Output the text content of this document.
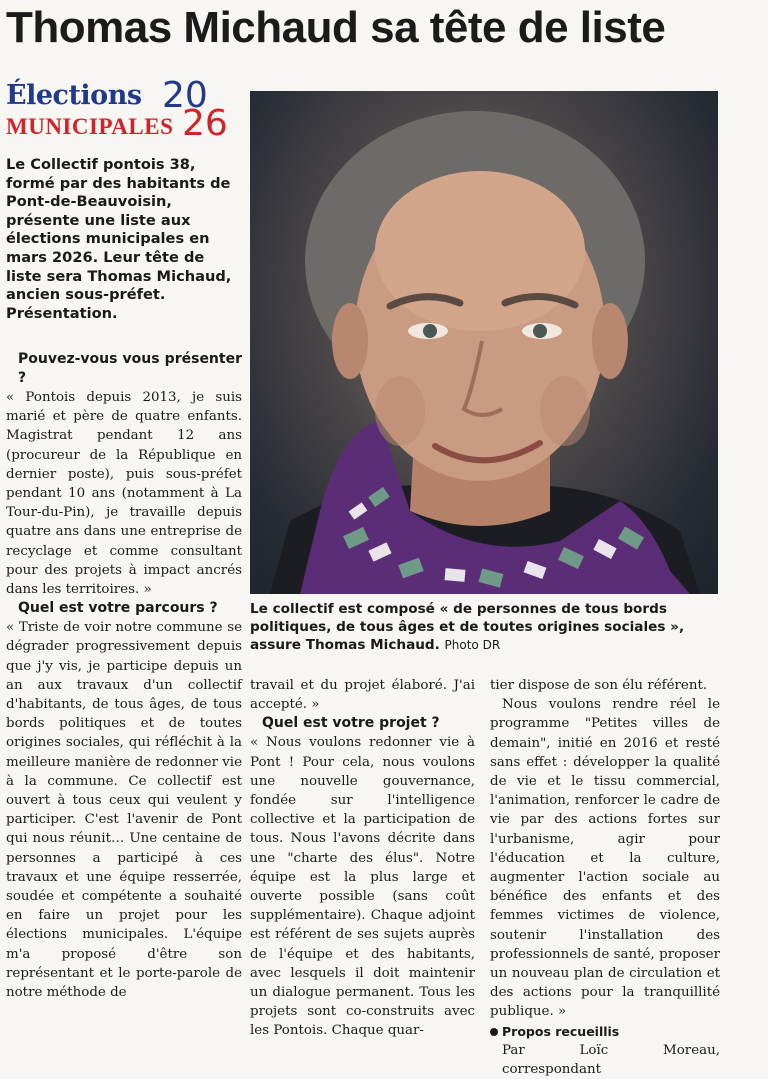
Thomas Michaud sa tête de liste
Élections
MUNICIPALES
20
26
Le Collectif pontois 38, formé par des habitants de Pont-de-Beauvoisin, présente une liste aux élections municipales en mars 2026. Leur tête de liste sera Thomas Michaud, ancien sous-préfet. Présentation.
Le collectif est composé « de personnes de tous bords politiques, de tous âges et de toutes origines sociales », assure Thomas Michaud. Photo DR

Pouvez-vous vous présenter ?

« Pontois depuis 2013, je suis marié et père de quatre enfants. Magistrat pendant 12 ans (procureur de la République en dernier poste), puis sous-préfet pendant 10 ans (notamment à La Tour-du-Pin), je travaille depuis quatre ans dans une entreprise de recyclage et comme consultant pour des projets à impact ancrés dans les territoires. »

Quel est votre parcours ?

« Triste de voir notre commune se dégrader progressivement depuis que j'y vis, je participe depuis un an aux travaux d'un collectif d'habitants, de tous âges, de tous bords politiques et de toutes origines sociales, qui réfléchit à la meilleure manière de redonner vie à la commune. Ce collectif est ouvert à tous ceux qui veulent y participer. C'est l'avenir de Pont qui nous réunit… Une centaine de personnes a participé à ces travaux et une équipe resserrée, soudée et compétente a souhaité en faire un projet pour les élections municipales. L'équipe m'a proposé d'être son représentant et le porte-parole de notre méthode de

travail et du projet élaboré. J'ai accepté. »

Quel est votre projet ?

« Nous voulons redonner vie à Pont ! Pour cela, nous voulons une nouvelle gouvernance, fondée sur l'intelligence collective et la participation de tous. Nous l'avons décrite dans une "charte des élus". Notre équipe est la plus large et ouverte possible (sans coût supplémentaire). Chaque adjoint est référent de ses sujets auprès de l'équipe et des habitants, avec lesquels il doit maintenir un dialogue permanent. Tous les projets sont co-construits avec les Pontois. Chaque quar-

tier dispose de son élu référent.

Nous voulons rendre réel le programme "Petites villes de demain", initié en 2016 et resté sans effet : développer la qualité de vie et le tissu commercial, l'animation, renforcer le cadre de vie par des actions fortes sur l'urbanisme, agir pour l'éducation et la culture, augmenter l'action sociale au bénéfice des enfants et des femmes victimes de violence, soutenir l'installation des professionnels de santé, proposer un nouveau plan de circulation et des actions pour la tranquillité publique. »

Propos recueillis

Par Loïc Moreau, correspondant
